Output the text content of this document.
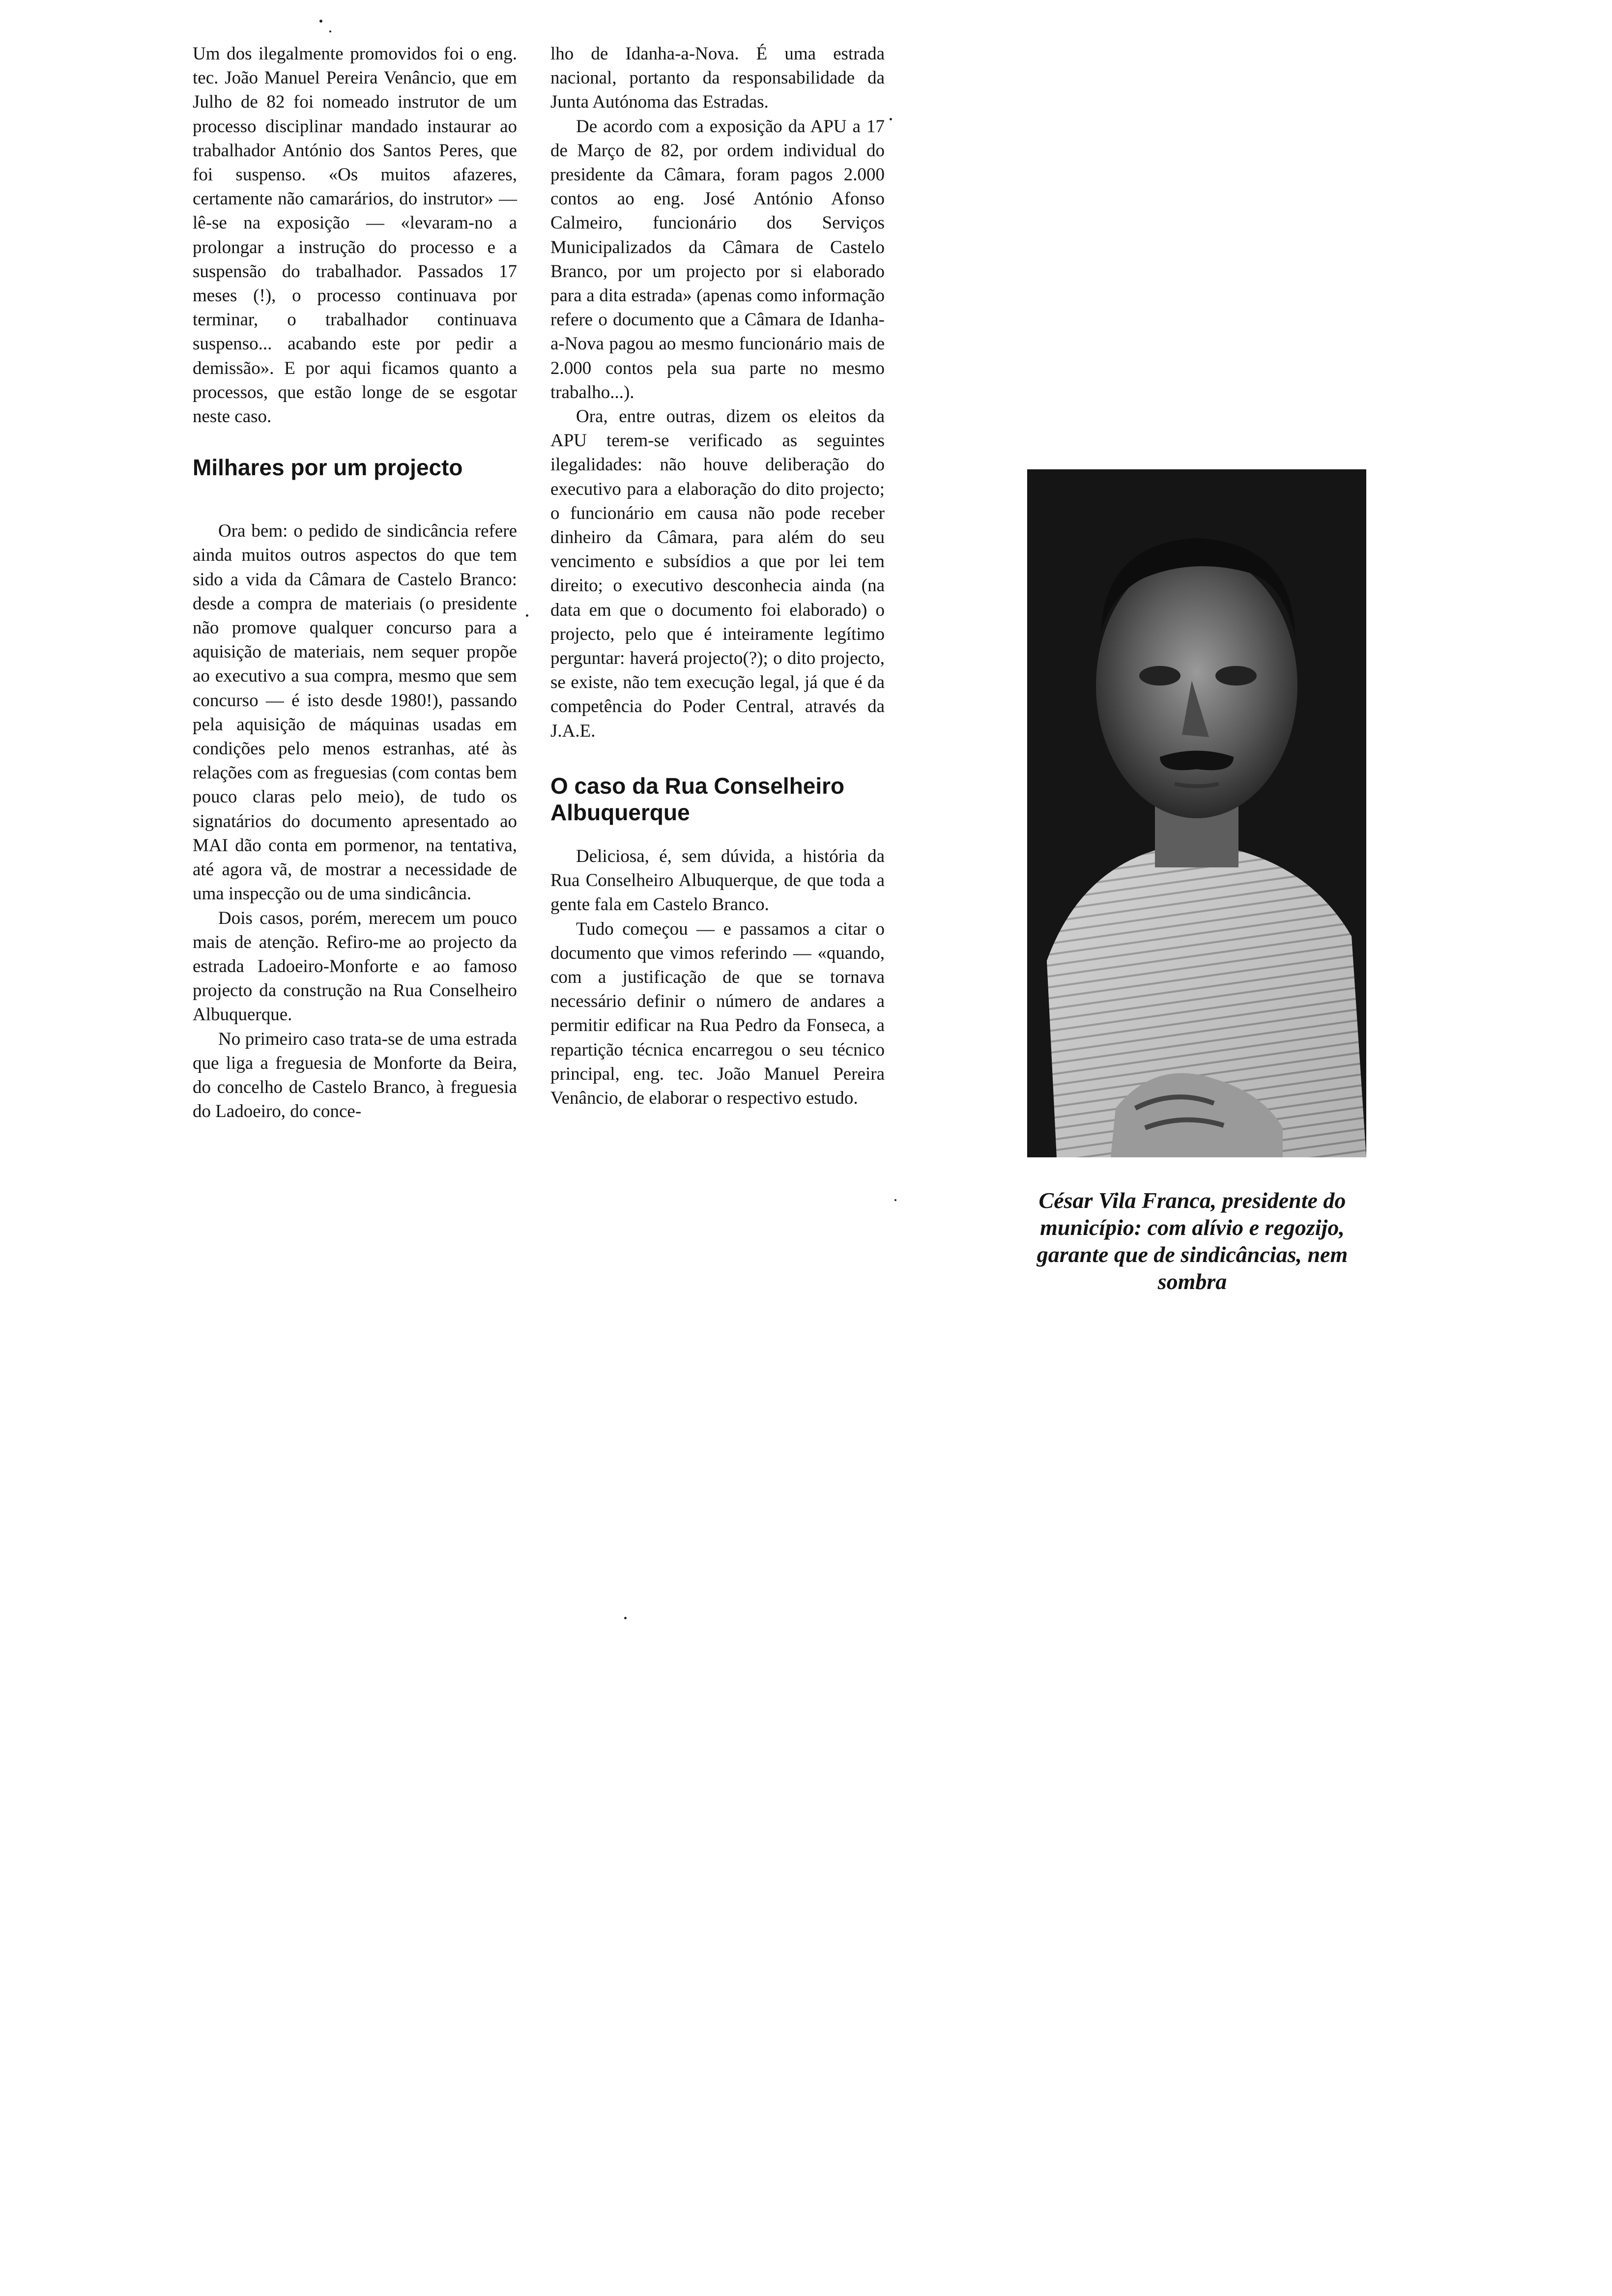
Um dos ilegalmente promovidos foi o eng. tec. João Manuel Pereira Venâncio, que em Julho de 82 foi nomeado instrutor de um processo disciplinar mandado instaurar ao trabalhador António dos Santos Peres, que foi suspenso. «Os muitos afazeres, certamente não camarários, do instrutor» — lê-se na exposição — «levaram-no a prolongar a instrução do processo e a suspensão do trabalhador. Passados 17 meses (!), o processo continuava por terminar, o trabalhador continuava suspenso... acabando este por pedir a demissão». E por aqui ficamos quanto a processos, que estão longe de se esgotar neste caso.

Milhares por um projecto

Ora bem: o pedido de sindicância refere ainda muitos outros aspectos do que tem sido a vida da Câmara de Castelo Branco: desde a compra de materiais (o presidente não promove qualquer concurso para a aquisição de materiais, nem sequer propõe ao executivo a sua compra, mesmo que sem concurso — é isto desde 1980!), passando pela aquisição de máquinas usadas em condições pelo menos estranhas, até às relações com as freguesias (com contas bem pouco claras pelo meio), de tudo os signatários do documento apresentado ao MAI dão conta em pormenor, na tentativa, até agora vã, de mostrar a necessidade de uma inspecção ou de uma sindicância.

Dois casos, porém, merecem um pouco mais de atenção. Refiro-me ao projecto da estrada Ladoeiro-Monforte e ao famoso projecto da construção na Rua Conselheiro Albuquerque.

No primeiro caso trata-se de uma estrada que liga a freguesia de Monforte da Beira, do concelho de Castelo Branco, à freguesia do Ladoeiro, do conce-

lho de Idanha-a-Nova. É uma estrada nacional, portanto da responsabilidade da Junta Autónoma das Estradas.

De acordo com a exposição da APU a 17 de Março de 82, por ordem individual do presidente da Câmara, foram pagos 2.000 contos ao eng. José António Afonso Calmeiro, funcionário dos Serviços Municipalizados da Câmara de Castelo Branco, por um projecto por si elaborado para a dita estrada» (apenas como informação refere o documento que a Câmara de Idanha-a-Nova pagou ao mesmo funcionário mais de 2.000 contos pela sua parte no mesmo trabalho...).

Ora, entre outras, dizem os eleitos da APU terem-se verificado as seguintes ilegalidades: não houve deliberação do executivo para a elaboração do dito projecto; o funcionário em causa não pode receber dinheiro da Câmara, para além do seu vencimento e subsídios a que por lei tem direito; o executivo desconhecia ainda (na data em que o documento foi elaborado) o projecto, pelo que é inteiramente legítimo perguntar: haverá projecto(?); o dito projecto, se existe, não tem execução legal, já que é da competência do Poder Central, através da J.A.E.

O caso da Rua Conselheiro Albuquerque

Deliciosa, é, sem dúvida, a história da Rua Conselheiro Albuquerque, de que toda a gente fala em Castelo Branco.

Tudo começou — e passamos a citar o documento que vimos referindo — «quando, com a justificação de que se tornava necessário definir o número de andares a permitir edificar na Rua Pedro da Fonseca, a repartição técnica encarregou o seu técnico principal, eng. tec. João Manuel Pereira Venâncio, de elaborar o respectivo estudo.

César Vila Franca, presidente do município: com alívio e regozijo, garante que de sindicâncias, nem sombra
